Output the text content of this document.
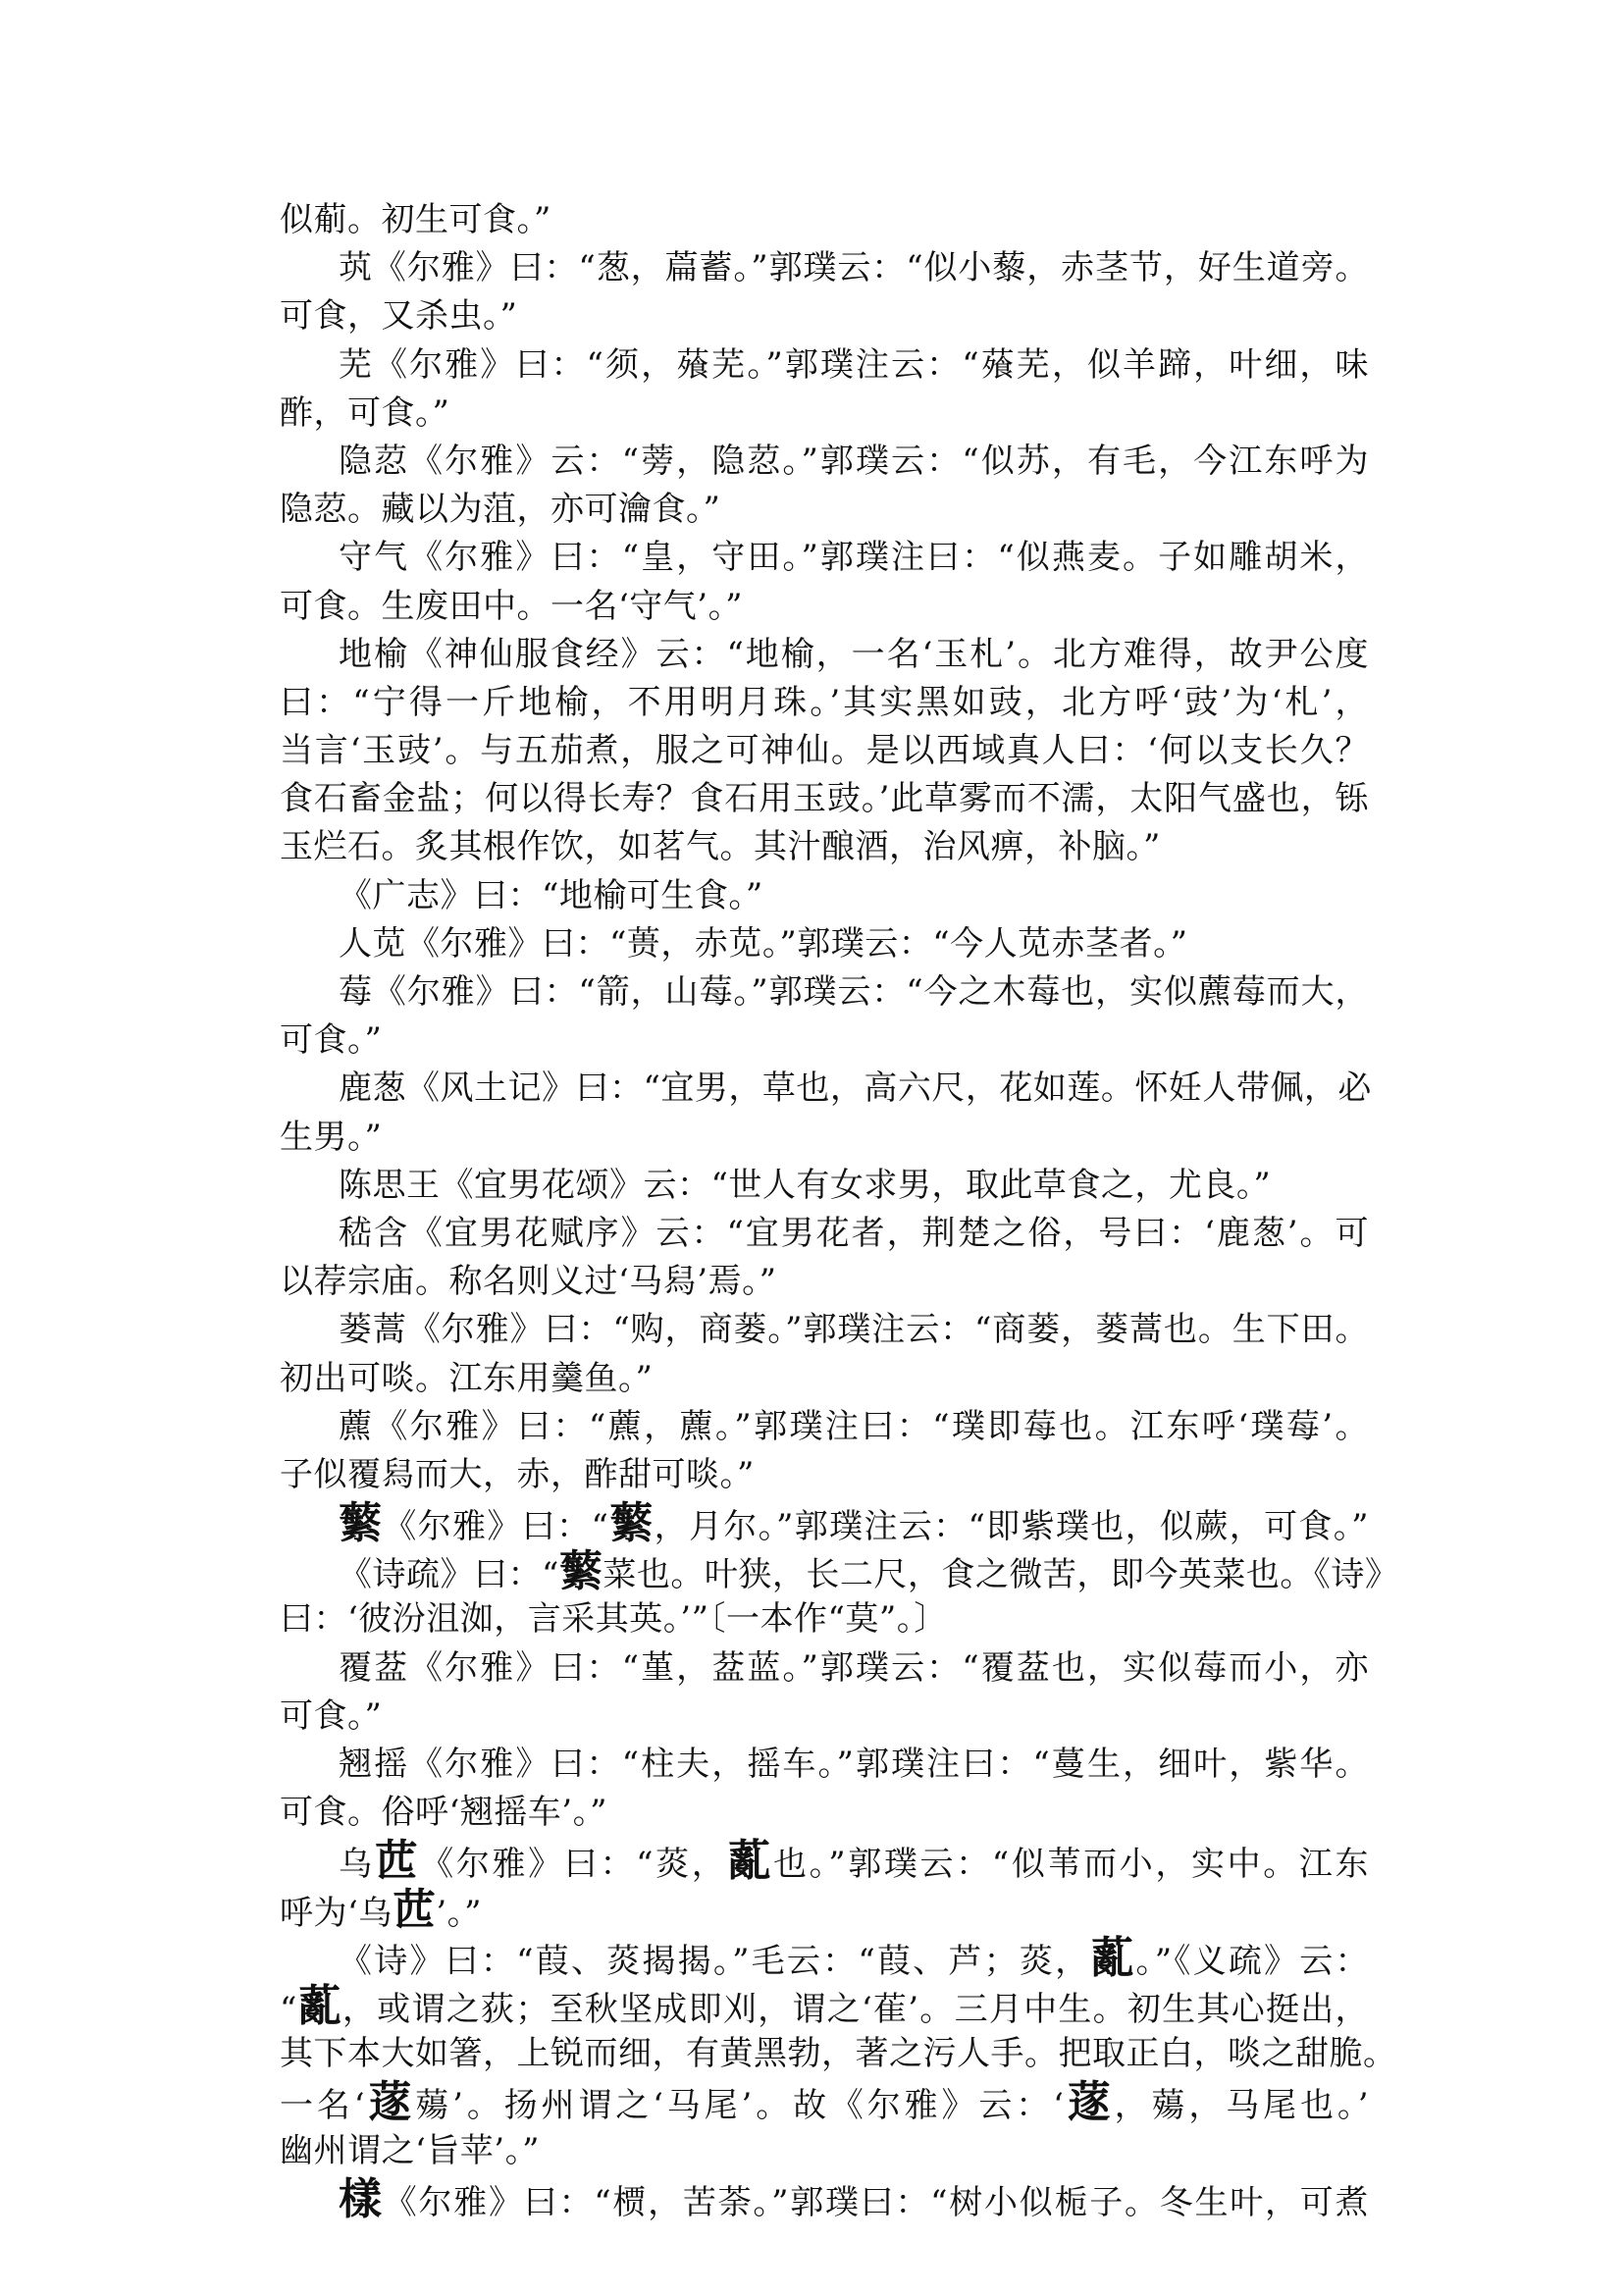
似葪。初生可食。”
茿《尔雅》曰：“葱，萹蓄。”郭璞云：“似小藜，赤茎节，好生道旁。
可食，又杀虫。”
芜《尔雅》曰：“须，蕵芜。”郭璞注云：“蕵芜，似羊蹄，叶细，味
酢，可食。”
隐荵《尔雅》云：“蒡，隐荵。”郭璞云：“似苏，有毛，今江东呼为
隐荵。藏以为菹，亦可瀹食。”
守气《尔雅》曰：“皇，守田。”郭璞注曰：“似燕麦。子如雕胡米，
可食。生废田中。一名‘守气’。”
地榆《神仙服食经》云：“地榆，一名‘玉札’。北方难得，故尹公度
曰：“宁得一斤地榆，不用明月珠。’其实黑如豉，北方呼‘豉’为‘札’，
当言‘玉豉’。与五茄煮，服之可神仙。是以西域真人曰：‘何以支长久？
食石畜金盐；何以得长寿？食石用玉豉。’此草雾而不濡，太阳气盛也，铄
玉烂石。炙其根作饮，如茗气。其汁酿酒，治风痹，补脑。”
《广志》曰：“地榆可生食。”
人苋《尔雅》曰：“蒉，赤苋。”郭璞云：“今人苋赤茎者。”
莓《尔雅》曰：“箭，山莓。”郭璞云：“今之木莓也，实似藨莓而大，
可食。”
鹿葱《风土记》曰：“宜男，草也，高六尺，花如莲。怀妊人带佩，必
生男。”
陈思王《宜男花颂》云：“世人有女求男，取此草食之，尤良。”
嵇含《宜男花赋序》云：“宜男花者，荆楚之俗，号曰：‘鹿葱’。可
以荐宗庙。称名则义过‘马舄’焉。”
蒌蒿《尔雅》曰：“购，商蒌。”郭璞注云：“商蒌，蒌蒿也。生下田。
初出可啖。江东用羹鱼。”
藨《尔雅》曰：“藨，藨。”郭璞注曰：“璞即莓也。江东呼‘璞莓’。
子似覆舄而大，赤，酢甜可啖。”
蘩《尔雅》曰：“蘩，月尔。”郭璞注云：“即紫璞也，似蕨，可食。”
《诗疏》曰：“蘩菜也。叶狭，长二尺，食之微苦，即今英菜也。《诗》
曰：‘彼汾沮洳，言采其英。’”〔一本作“莫”。〕
覆葐《尔雅》曰：“堇，葐蓝。”郭璞云：“覆葐也，实似莓而小，亦
可食。”
翘摇《尔雅》曰：“柱夫，摇车。”郭璞注曰：“蔓生，细叶，紫华。
可食。俗呼‘翘摇车’。”
乌苉《尔雅》曰：“菼，薍也。”郭璞云：“似苇而小，实中。江东
呼为‘乌苉’。”
《诗》曰：“葭、菼揭揭。”毛云：“葭、芦；菼，薍。”《义疏》云：
“薍，或谓之荻；至秋坚成即刈，谓之‘萑’。三月中生。初生其心挺出，
其下本大如箸，上锐而细，有黄黑勃，著之污人手。把取正白，啖之甜脆。
一名‘蓫薚’。扬州谓之‘马尾’。故《尔雅》云：‘蓫，薚，马尾也。’
幽州谓之‘旨苹’。”
樣《尔雅》曰：“槚，苦荼。”郭璞曰：“树小似栀子。冬生叶，可煮
